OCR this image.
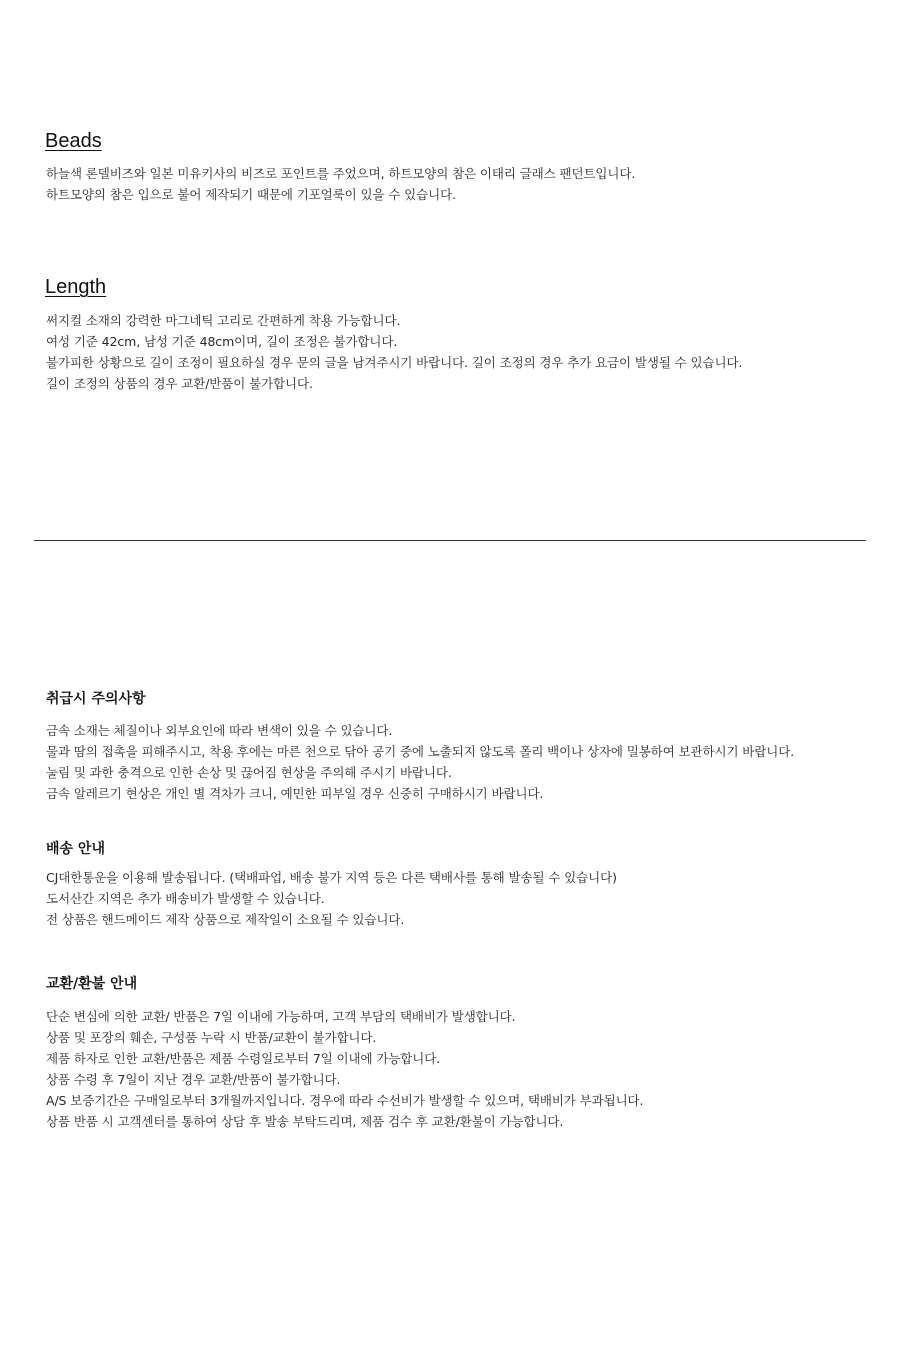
Beads
하늘색 론델비즈와 일본 미유키사의 비즈로 포인트를 주었으며, 하트모양의 참은 이태리 글래스 팬던트입니다.
하트모양의 참은 입으로 불어 제작되기 때문에 기포얼룩이 있을 수 있습니다.
Length
써지컬 소재의 강력한 마그네틱 고리로 간편하게 착용 가능합니다.
여성 기준 42cm, 남성 기준 48cm이며, 길이 조정은 불가합니다.
불가피한 상황으로 길이 조정이 필요하실 경우 문의 글을 남겨주시기 바랍니다. 길이 조정의 경우 추가 요금이 발생될 수 있습니다.
길이 조정의 상품의 경우 교환/반품이 불가합니다.
취급시 주의사항
금속 소재는 체질이나 외부요인에 따라 변색이 있을 수 있습니다.
물과 땀의 접촉을 피해주시고, 착용 후에는 마른 천으로 닦아 공기 중에 노출되지 않도록 폴리 백이나 상자에 밀봉하여 보관하시기 바랍니다.
눌림 및 과한 충격으로 인한 손상 및 끊어짐 현상을 주의해 주시기 바랍니다.
금속 알레르기 현상은 개인 별 격차가 크니, 예민한 피부일 경우 신중히 구매하시기 바랍니다.
배송 안내
CJ대한통운을 이용해 발송됩니다. (택배파업, 배송 불가 지역 등은 다른 택배사를 통해 발송될 수 있습니다)
도서산간 지역은 추가 배송비가 발생할 수 있습니다.
전 상품은 핸드메이드 제작 상품으로 제작일이 소요될 수 있습니다.
교환/환불 안내
단순 변심에 의한 교환/ 반품은 7일 이내에 가능하며, 고객 부담의 택배비가 발생합니다.
상품 및 포장의 훼손, 구성품 누락 시 반품/교환이 불가합니다.
제품 하자로 인한 교환/반품은 제품 수령일로부터 7일 이내에 가능합니다.
상품 수령 후 7일이 지난 경우 교환/반품이 불가합니다.
A/S 보증기간은 구매일로부터 3개월까지입니다. 경우에 따라 수선비가 발생할 수 있으며, 택배비가 부과됩니다.
상품 반품 시 고객센터를 통하여 상담 후 발송 부탁드리며, 제품 검수 후 교환/환불이 가능합니다.
